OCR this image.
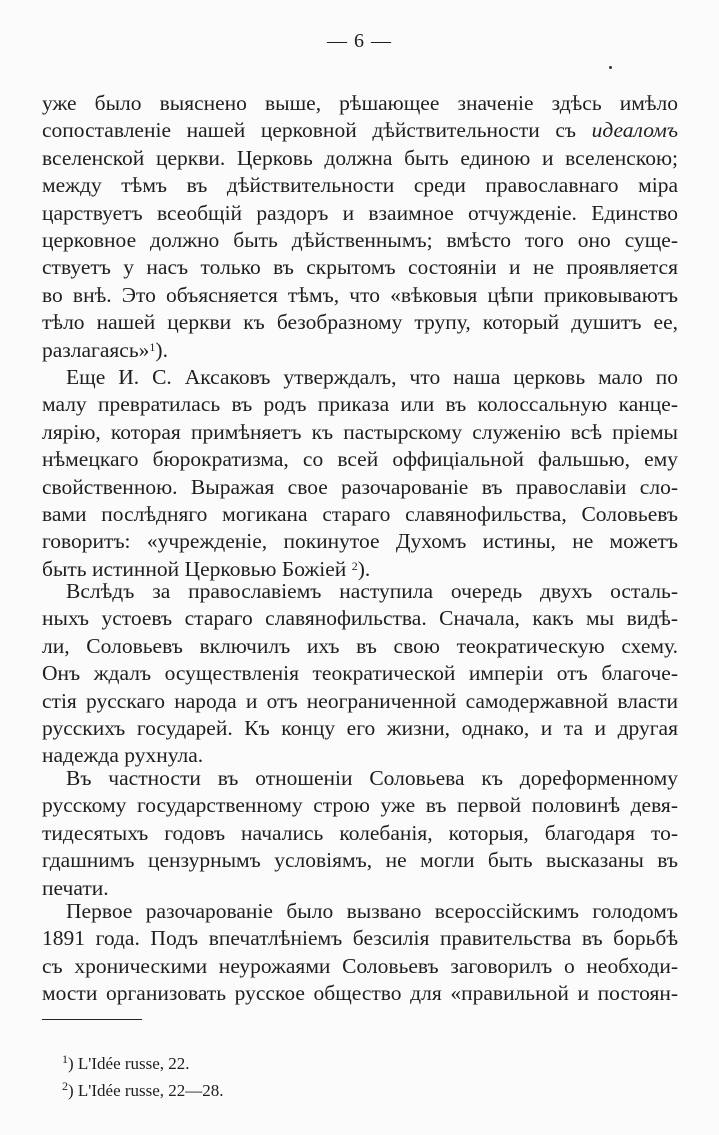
— 6 —
уже было выяснено выше, рѣшающее значенiе здѣсь имѣло
сопоставленiе нашей церковной дѣйствительности съ идеаломъ
вселенской церкви. Церковь должна быть единою и вселенскою;
между тѣмъ въ дѣйствительности среди православнаго мiра
царствуетъ всеобщiй раздоръ и взаимное отчужденiе. Единство
церковное должно быть дѣйственнымъ; вмѣсто того оно суще-
ствуетъ у насъ только въ скрытомъ состоянiи и не проявляется
во внѣ. Это объясняется тѣмъ, что «вѣковыя цѣпи приковываютъ
тѣло нашей церкви къ безобразному трупу, который душитъ ее,
разлагаясь»$^1$).
Еще И. С. Аксаковъ утверждалъ, что наша церковь мало по
малу превратилась въ родъ приказа или въ колоссальную канце-
лярiю, которая примѣняетъ къ пастырскому служенiю всѣ прiемы
нѣмецкаго бюрократизма, со всей оффицiальной фальшью, ему
свойственною. Выражая свое разочарованiе въ православiи сло-
вами послѣдняго могикана стараго славянофильства, Соловьевъ
говоритъ: «учрежденiе, покинутое Духомъ истины, не можетъ
быть истинной Церковью Божiей $^2$).
Вслѣдъ за православiемъ наступила очередь двухъ осталь-
ныхъ устоевъ стараго славянофильства. Сначала, какъ мы видѣ-
ли, Соловьевъ включилъ ихъ въ свою теократическую схему.
Онъ ждалъ осуществленiя теократической имперiи отъ благоче-
стiя русскаго народа и отъ неограниченной самодержавной власти
русскихъ государей. Къ концу его жизни, однако, и та и другая
надежда рухнула.
Въ частности въ отношенiи Соловьева къ дореформенному
русскому государственному строю уже въ первой половинѣ девя-
тидесятыхъ годовъ начались колебанiя, которыя, благодаря то-
гдашнимъ цензурнымъ условiямъ, не могли быть высказаны въ
печати.
Первое разочарованiе было вызвано всероссiйскимъ голодомъ
1891 года. Подъ впечатлѣнiемъ безсилiя правительства въ борьбѣ
съ хроническими неурожаями Соловьевъ заговорилъ о необходи-
мости организовать русское общество для «правильной и постоян-
$^1$) L'Idée russe, 22.
$^2$) L'Idée russe, 22—28.
